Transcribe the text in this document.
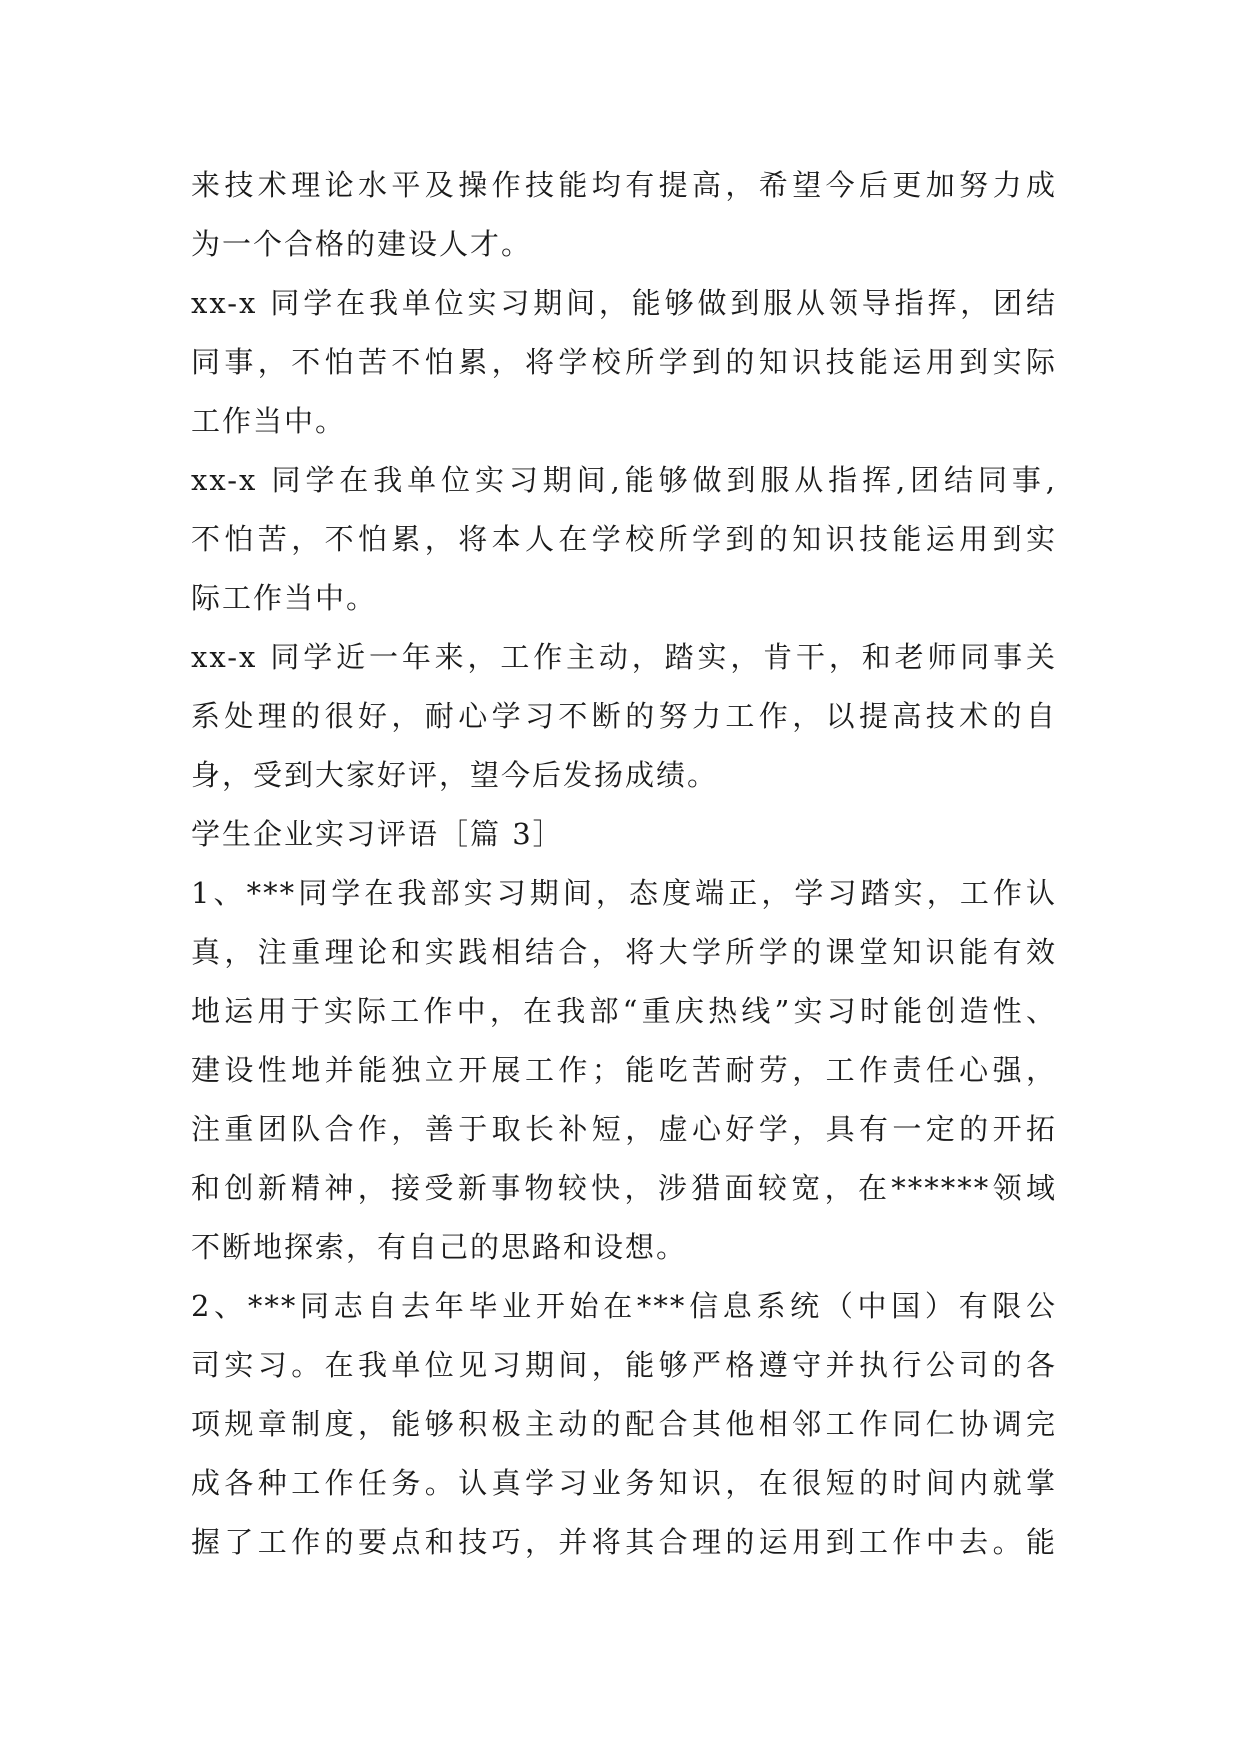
来技术理论水平及操作技能均有提高，希望今后更加努力成
为一个合格的建设人才。
xx-x 同学在我单位实习期间，能够做到服从领导指挥，团结
同事，不怕苦不怕累，将学校所学到的知识技能运用到实际
工作当中。
xx-x 同学在我单位实习期间,能够做到服从指挥,团结同事,
不怕苦，不怕累，将本人在学校所学到的知识技能运用到实
际工作当中。
xx-x 同学近一年来，工作主动，踏实，肯干，和老师同事关
系处理的很好，耐心学习不断的努力工作，以提高技术的自
身，受到大家好评，望今后发扬成绩。
学生企业实习评语［篇 3］
1、***同学在我部实习期间，态度端正，学习踏实，工作认
真，注重理论和实践相结合，将大学所学的课堂知识能有效
地运用于实际工作中，在我部“重庆热线”实习时能创造性、
建设性地并能独立开展工作；能吃苦耐劳，工作责任心强，
注重团队合作，善于取长补短，虚心好学，具有一定的开拓
和创新精神，接受新事物较快，涉猎面较宽，在******领域
不断地探索，有自己的思路和设想。
2、***同志自去年毕业开始在***信息系统（中国）有限公
司实习。在我单位见习期间，能够严格遵守并执行公司的各
项规章制度，能够积极主动的配合其他相邻工作同仁协调完
成各种工作任务。认真学习业务知识，在很短的时间内就掌
握了工作的要点和技巧，并将其合理的运用到工作中去。能
